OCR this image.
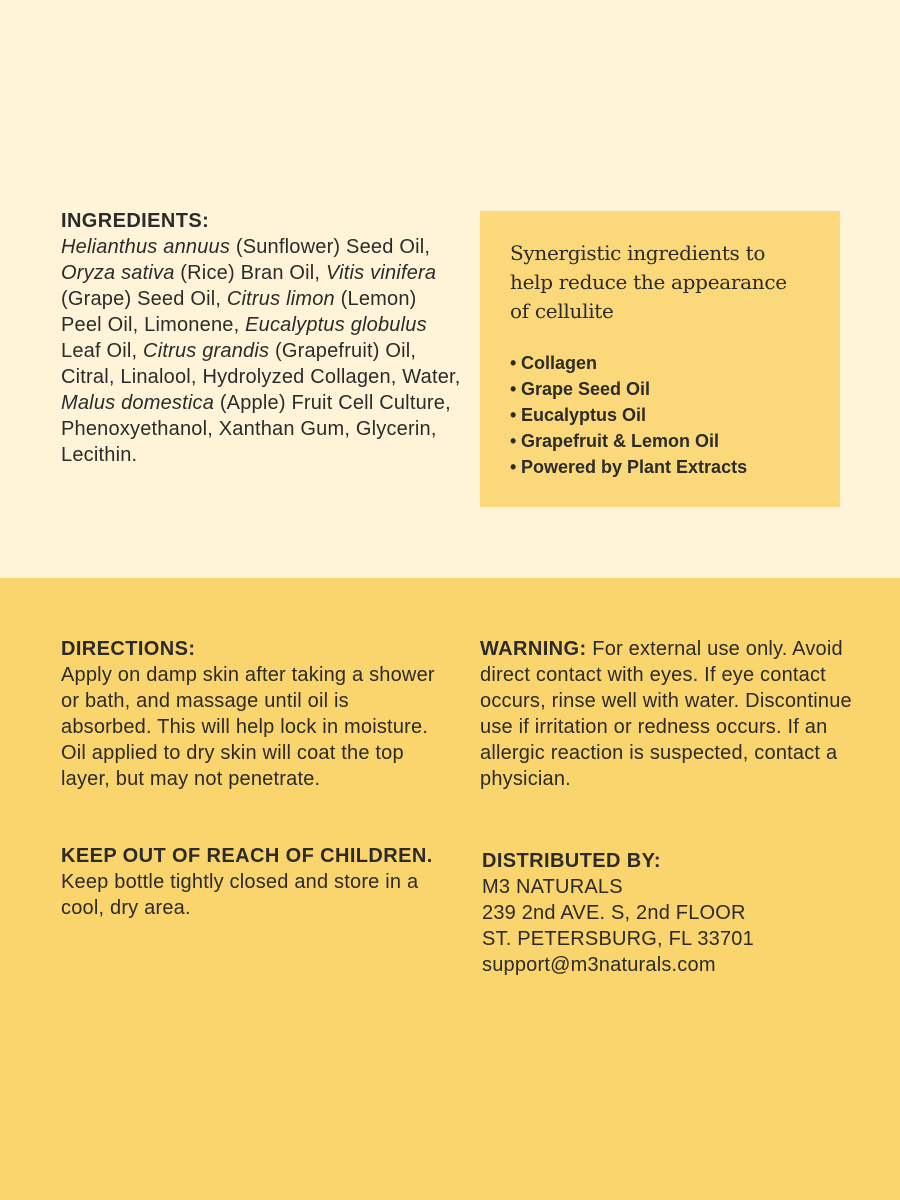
INGREDIENTS:
Helianthus annuus (Sunflower) Seed Oil, Oryza sativa (Rice) Bran Oil, Vitis vinifera (Grape) Seed Oil, Citrus limon (Lemon) Peel Oil, Limonene, Eucalyptus globulus Leaf Oil, Citrus grandis (Grapefruit) Oil, Citral, Linalool, Hydrolyzed Collagen, Water, Malus domestica (Apple) Fruit Cell Culture, Phenoxyethanol, Xanthan Gum, Glycerin, Lecithin.
Synergistic ingredients to help reduce the appearance of cellulite
• Collagen
• Grape Seed Oil
• Eucalyptus Oil
• Grapefruit & Lemon Oil
• Powered by Plant Extracts
DIRECTIONS:
Apply on damp skin after taking a shower or bath, and massage until oil is absorbed. This will help lock in moisture. Oil applied to dry skin will coat the top layer, but may not penetrate.
KEEP OUT OF REACH OF CHILDREN. Keep bottle tightly closed and store in a cool, dry area.
WARNING: For external use only. Avoid direct contact with eyes. If eye contact occurs, rinse well with water. Discontinue use if irritation or redness occurs. If an allergic reaction is suspected, contact a physician.
DISTRIBUTED BY:
M3 NATURALS
239 2nd AVE. S, 2nd FLOOR
ST. PETERSBURG, FL 33701
support@m3naturals.com
